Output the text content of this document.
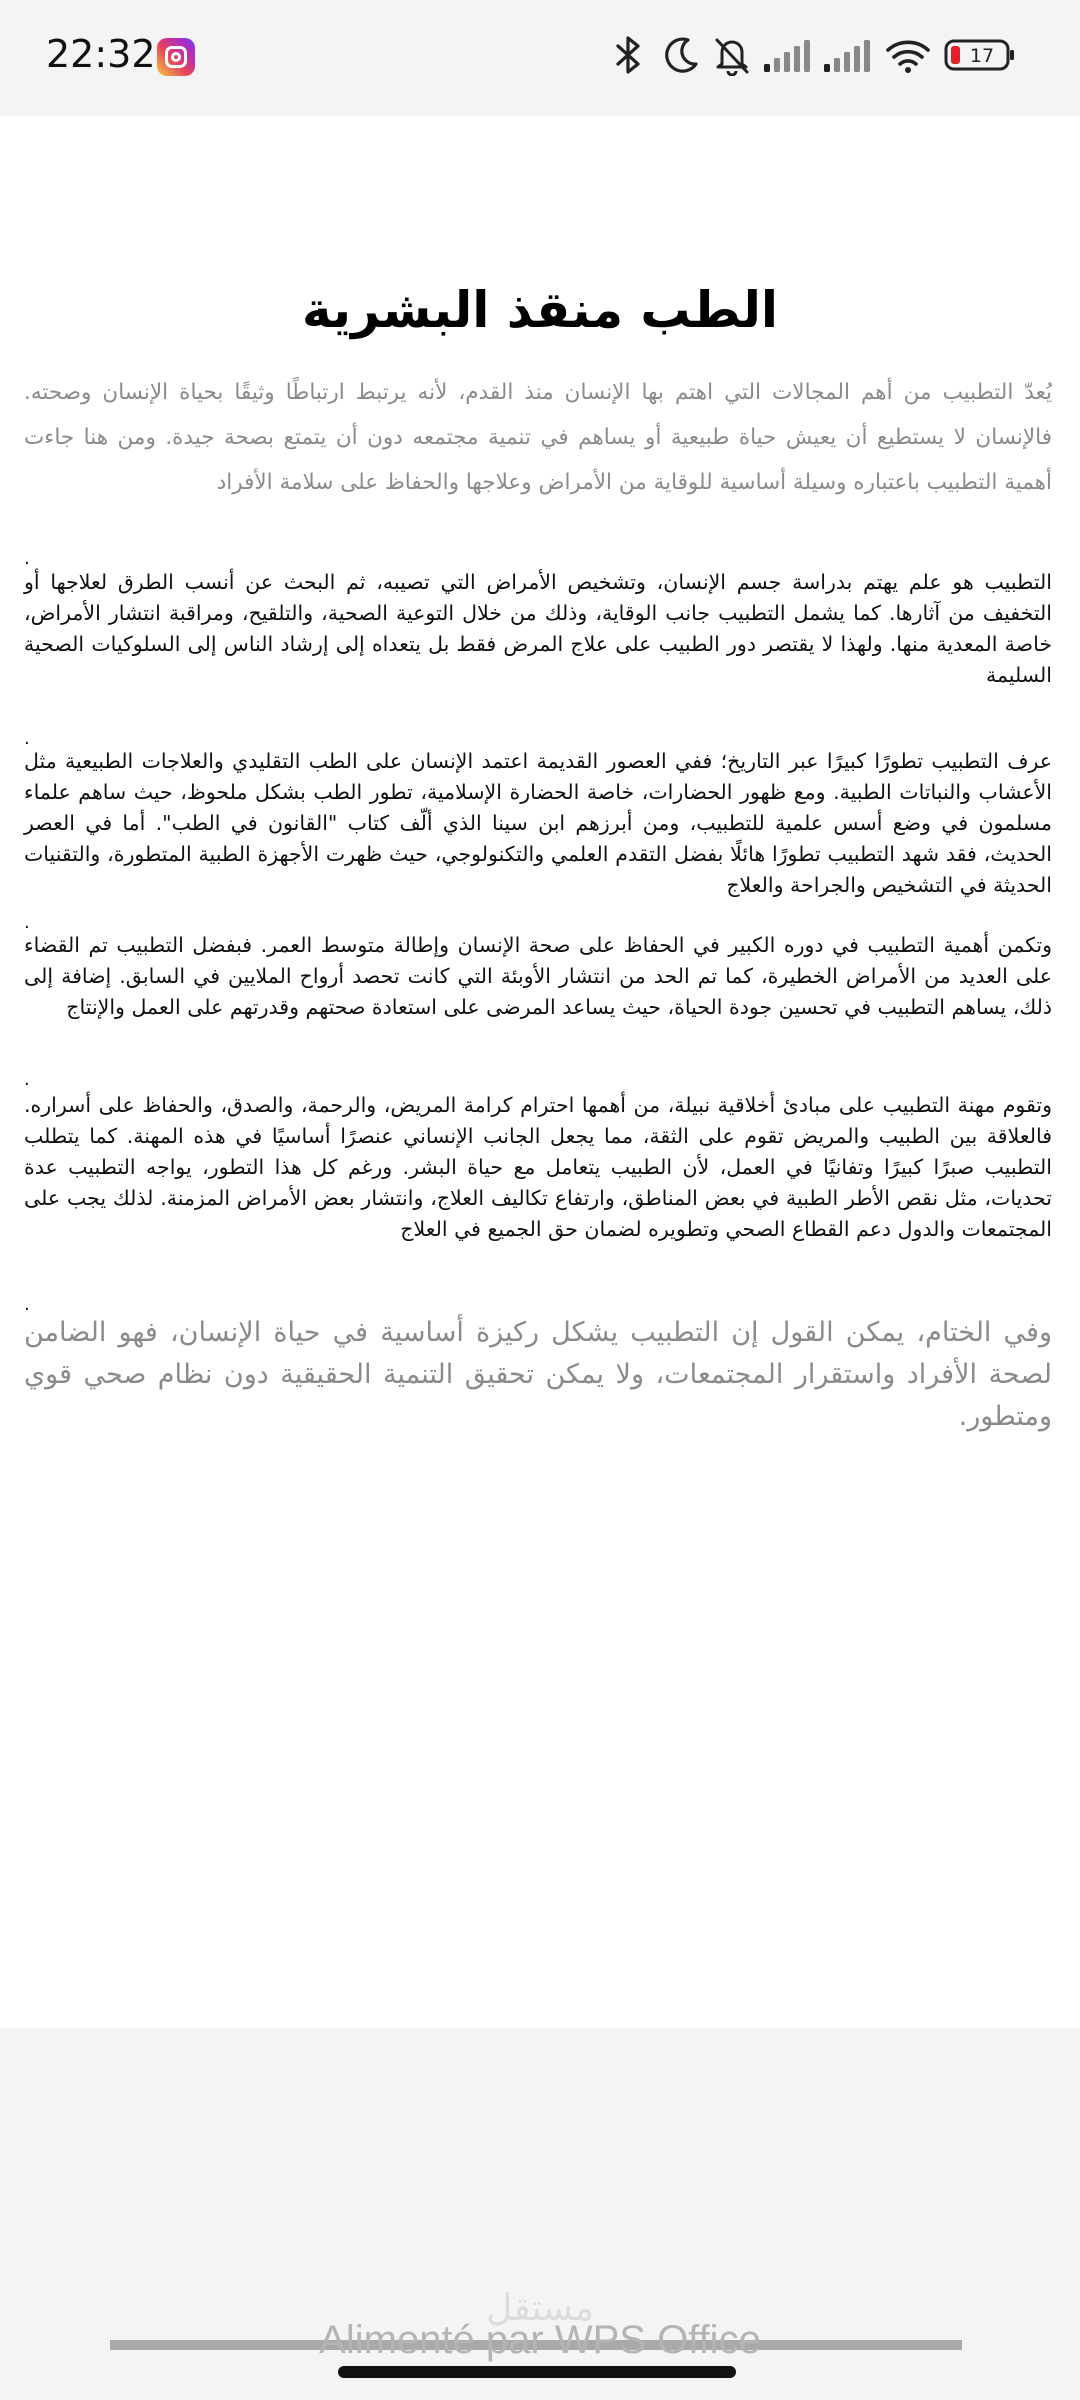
22:32	17
الطب منقذ البشرية

يُعدّ التطبيب من أهم المجالات التي اهتم بها الإنسان منذ القدم، لأنه يرتبط ارتباطًا وثيقًا بحياة الإنسان وصحته. فالإنسان لا يستطيع أن يعيش حياة طبيعية أو يساهم في تنمية مجتمعه دون أن يتمتع بصحة جيدة. ومن هنا جاءت أهمية التطبيب باعتباره وسيلة أساسية للوقاية من الأمراض وعلاجها والحفاظ على سلامة الأفراد

.

التطبيب هو علم يهتم بدراسة جسم الإنسان، وتشخيص الأمراض التي تصيبه، ثم البحث عن أنسب الطرق لعلاجها أو التخفيف من آثارها. كما يشمل التطبيب جانب الوقاية، وذلك من خلال التوعية الصحية، والتلقيح، ومراقبة انتشار الأمراض، خاصة المعدية منها. ولهذا لا يقتصر دور الطبيب على علاج المرض فقط بل يتعداه إلى إرشاد الناس إلى السلوكيات الصحية السليمة

.

عرف التطبيب تطورًا كبيرًا عبر التاريخ؛ ففي العصور القديمة اعتمد الإنسان على الطب التقليدي والعلاجات الطبيعية مثل الأعشاب والنباتات الطبية. ومع ظهور الحضارات، خاصة الحضارة الإسلامية، تطور الطب بشكل ملحوظ، حيث ساهم علماء مسلمون في وضع أسس علمية للتطبيب، ومن أبرزهم ابن سينا الذي ألّف كتاب "القانون في الطب". أما في العصر الحديث، فقد شهد التطبيب تطورًا هائلًا بفضل التقدم العلمي والتكنولوجي، حيث ظهرت الأجهزة الطبية المتطورة، والتقنيات الحديثة في التشخيص والجراحة والعلاج

.

وتكمن أهمية التطبيب في دوره الكبير في الحفاظ على صحة الإنسان وإطالة متوسط العمر. فبفضل التطبيب تم القضاء على العديد من الأمراض الخطيرة، كما تم الحد من انتشار الأوبئة التي كانت تحصد أرواح الملايين في السابق. إضافة إلى ذلك، يساهم التطبيب في تحسين جودة الحياة، حيث يساعد المرضى على استعادة صحتهم وقدرتهم على العمل والإنتاج

.

وتقوم مهنة التطبيب على مبادئ أخلاقية نبيلة، من أهمها احترام كرامة المريض، والرحمة، والصدق، والحفاظ على أسراره. فالعلاقة بين الطبيب والمريض تقوم على الثقة، مما يجعل الجانب الإنساني عنصرًا أساسيًا في هذه المهنة. كما يتطلب التطبيب صبرًا كبيرًا وتفانيًا في العمل، لأن الطبيب يتعامل مع حياة البشر. ورغم كل هذا التطور، يواجه التطبيب عدة تحديات، مثل نقص الأطر الطبية في بعض المناطق، وارتفاع تكاليف العلاج، وانتشار بعض الأمراض المزمنة. لذلك يجب على المجتمعات والدول دعم القطاع الصحي وتطويره لضمان حق الجميع في العلاج

.

وفي الختام، يمكن القول إن التطبيب يشكل ركيزة أساسية في حياة الإنسان، فهو الضامن لصحة الأفراد واستقرار المجتمعات، ولا يمكن تحقيق التنمية الحقيقية دون نظام صحي قوي ومتطور.

مستقل
Alimenté par WPS Office
